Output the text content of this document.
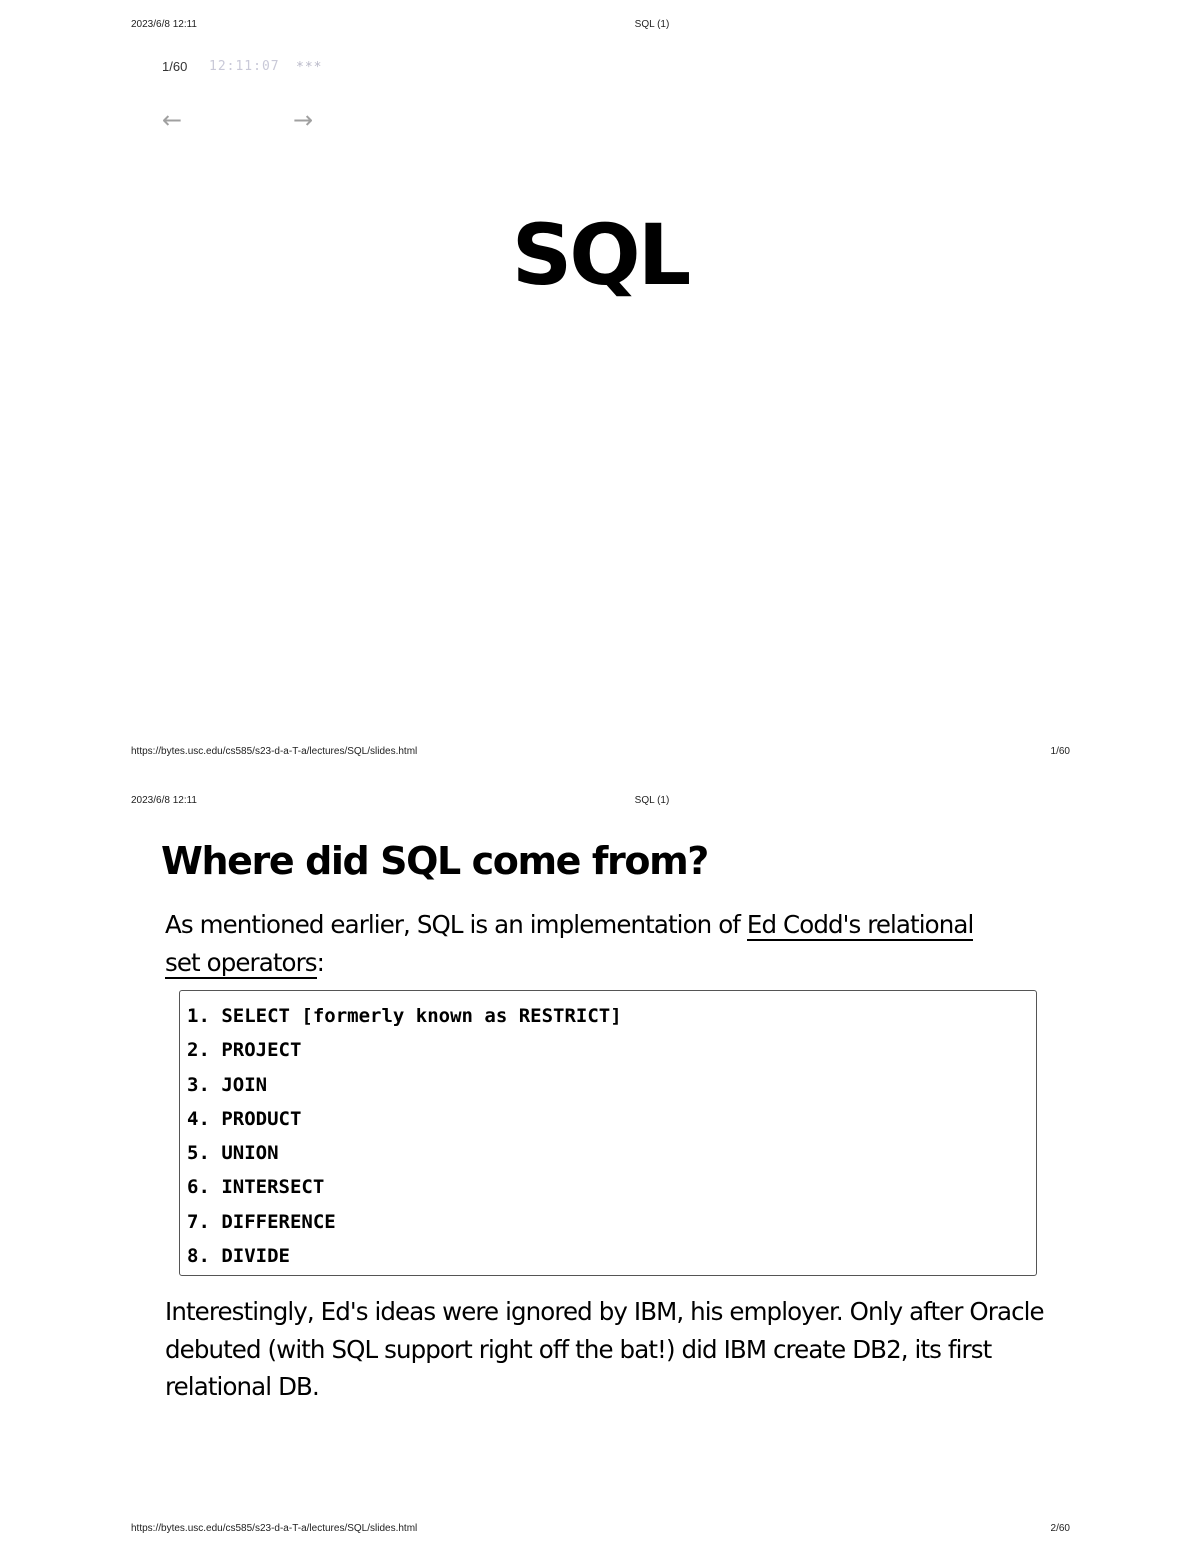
2023/6/8 12:11	SQL (1)
1/60 12:11:07 ***
←	→
SQL
https://bytes.usc.edu/cs585/s23-d-a-T-a/lectures/SQL/slides.html	1/60
2023/6/8 12:11	SQL (1)
Where did SQL come from?

As mentioned earlier, SQL is an implementation of Ed Codd's relational
set operators:

1. SELECT [formerly known as RESTRICT]
2. PROJECT
3. JOIN
4. PRODUCT
5. UNION
6. INTERSECT
7. DIFFERENCE
8. DIVIDE

Interestingly, Ed's ideas were ignored by IBM, his employer. Only after Oracle debuted (with SQL support right off the bat!) did IBM create DB2, its first relational DB.

https://bytes.usc.edu/cs585/s23-d-a-T-a/lectures/SQL/slides.html	2/60
